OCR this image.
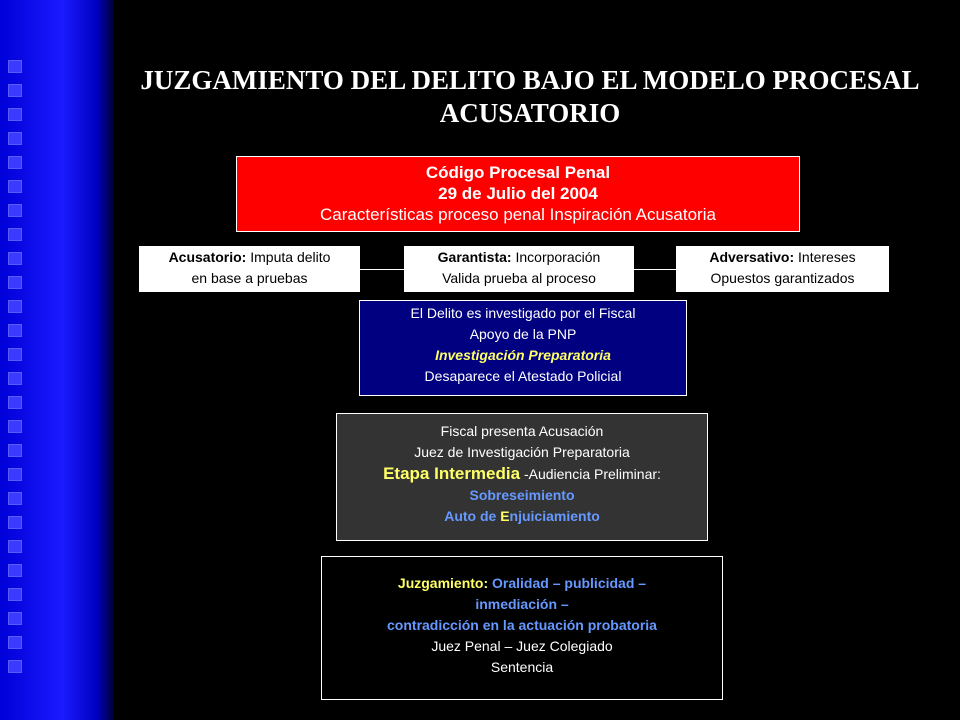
JUZGAMIENTO DEL DELITO BAJO EL MODELO PROCESAL
ACUSATORIO
Código Procesal Penal
29 de Julio del 2004
Características proceso penal Inspiración Acusatoria
Acusatorio: Imputa delito
en base a pruebas
Garantista: Incorporación
Valida prueba al proceso
Adversativo: Intereses
Opuestos garantizados
El Delito es investigado por el Fiscal
Apoyo de la PNP
Investigación Preparatoria
Desaparece el Atestado Policial
Fiscal presenta Acusación
Juez de Investigación Preparatoria
Etapa Intermedia -Audiencia Preliminar:
Sobreseimiento
Auto de Enjuiciamiento
Juzgamiento: Oralidad – publicidad –
inmediación –
contradicción en la actuación probatoria
Juez Penal – Juez Colegiado
Sentencia
